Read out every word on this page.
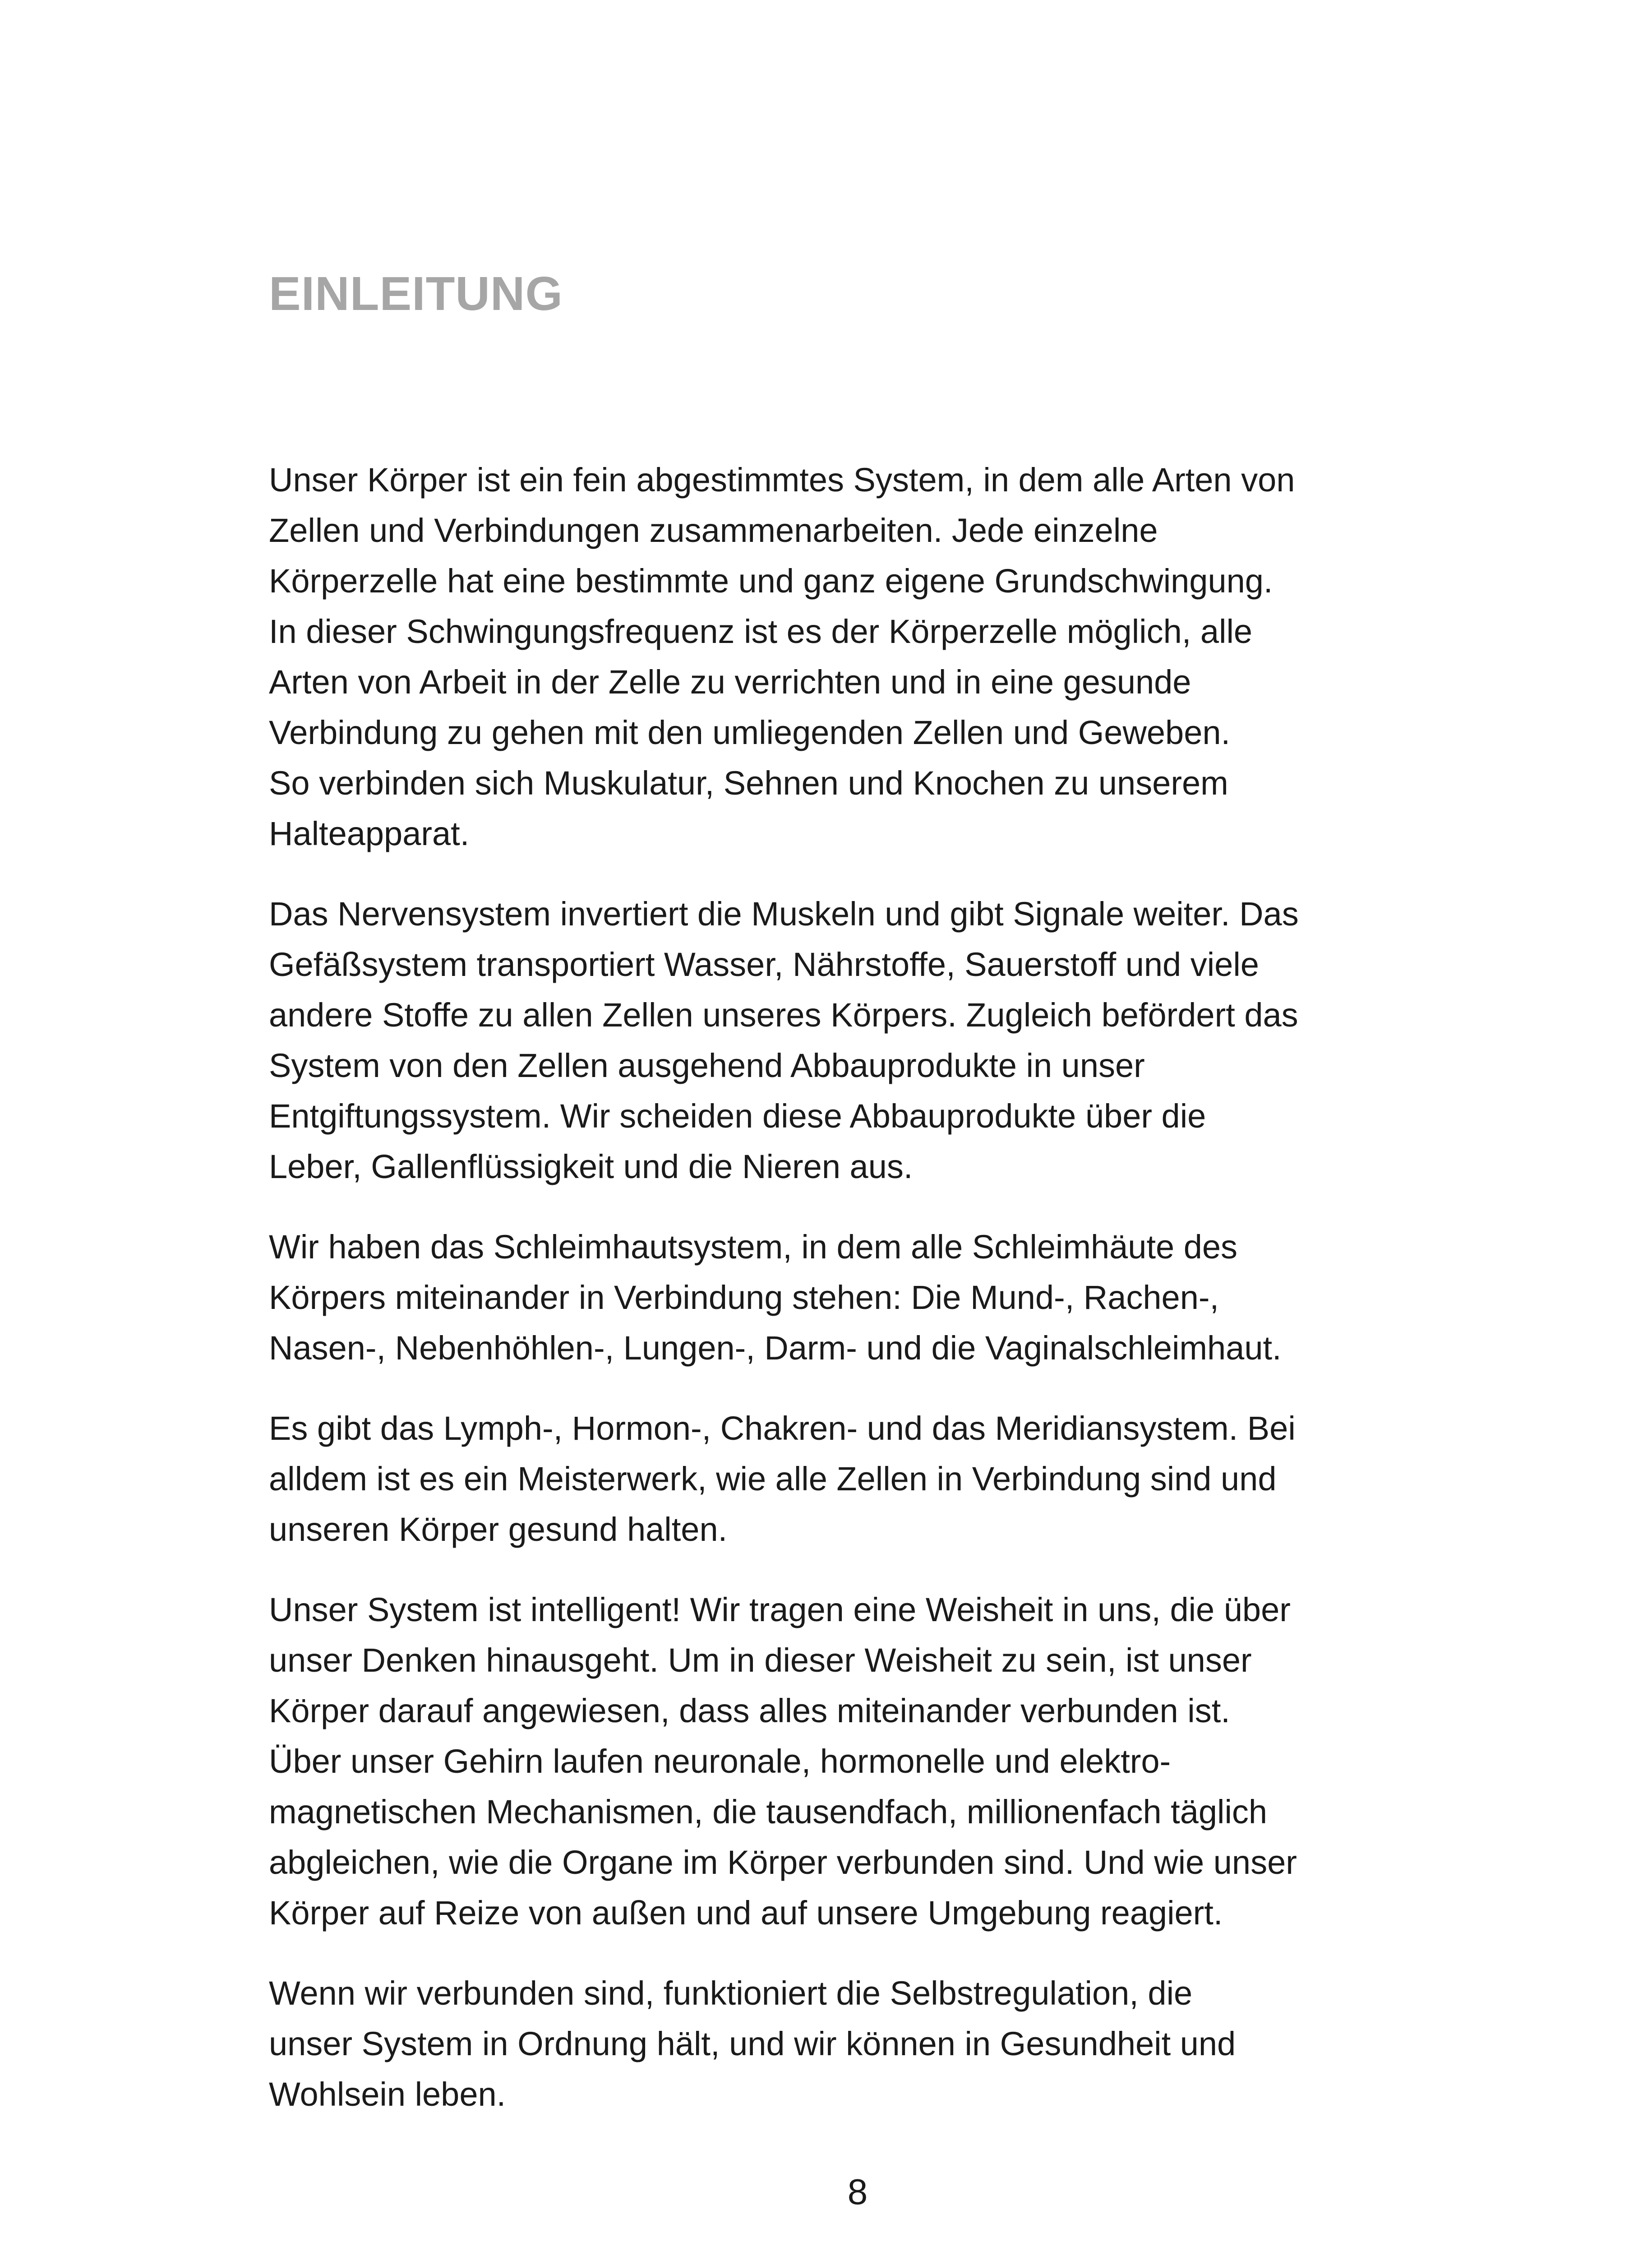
EINLEITUNG

Unser Körper ist ein fein abgestimmtes System, in dem alle Arten von
Zellen und Verbindungen zusammenarbeiten. Jede einzelne
Körperzelle hat eine bestimmte und ganz eigene Grundschwingung.
In dieser Schwingungsfrequenz ist es der Körperzelle möglich, alle
Arten von Arbeit in der Zelle zu verrichten und in eine gesunde
Verbindung zu gehen mit den umliegenden Zellen und Geweben.
So verbinden sich Muskulatur, Sehnen und Knochen zu unserem
Halteapparat.

Das Nervensystem invertiert die Muskeln und gibt Signale weiter. Das
Gefäßsystem transportiert Wasser, Nährstoffe, Sauerstoff und viele
andere Stoffe zu allen Zellen unseres Körpers. Zugleich befördert das
System von den Zellen ausgehend Abbauprodukte in unser
Entgiftungssystem. Wir scheiden diese Abbauprodukte über die
Leber, Gallenflüssigkeit und die Nieren aus.

Wir haben das Schleimhautsystem, in dem alle Schleimhäute des
Körpers miteinander in Verbindung stehen: Die Mund-, Rachen-,
Nasen-, Nebenhöhlen-, Lungen-, Darm- und die Vaginalschleimhaut.

Es gibt das Lymph-, Hormon-, Chakren- und das Meridiansystem. Bei
alldem ist es ein Meisterwerk, wie alle Zellen in Verbindung sind und
unseren Körper gesund halten.

Unser System ist intelligent! Wir tragen eine Weisheit in uns, die über
unser Denken hinausgeht. Um in dieser Weisheit zu sein, ist unser
Körper darauf angewiesen, dass alles miteinander verbunden ist.
Über unser Gehirn laufen neuronale, hormonelle und elektro-
magnetischen Mechanismen, die tausendfach, millionenfach täglich
abgleichen, wie die Organe im Körper verbunden sind. Und wie unser
Körper auf Reize von außen und auf unsere Umgebung reagiert.

Wenn wir verbunden sind, funktioniert die Selbstregulation, die
unser System in Ordnung hält, und wir können in Gesundheit und
Wohlsein leben.

8
